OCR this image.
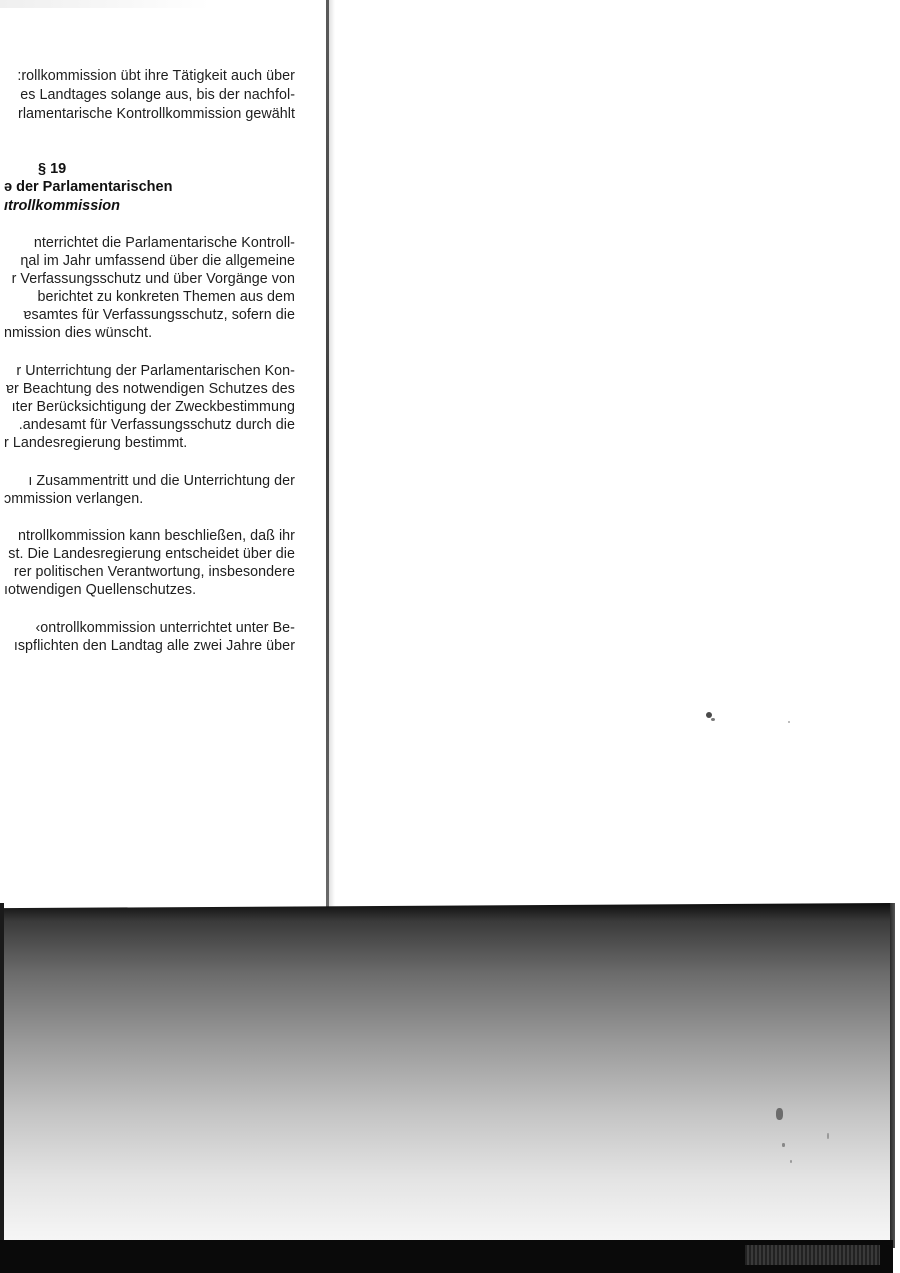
:rollkommission übt ihre Tätigkeit auch über
es Landtages solange aus, bis der nachfol-
rlamentarische Kontrollkommission gewählt
§ 19
ə der Parlamentarischen
ıtrollkommission
nterrichtet die Parlamentarische Kontroll-
ɳal im Jahr umfassend über die allgemeine
r Verfassungsschutz und über Vorgänge von
berichtet zu konkreten Themen aus dem
ɐsamtes für Verfassungsschutz, sofern die
nmission dies wünscht.
r Unterrichtung der Parlamentarischen Kon-
ɐr Beachtung des notwendigen Schutzes des
ıter Berücksichtigung der Zweckbestimmung
.andesamt für Verfassungsschutz durch die
r Landesregierung bestimmt.
ı Zusammentritt und die Unterrichtung der
ɔmmission verlangen.
ntrollkommission kann beschließen, daß ihr
st. Die Landesregierung entscheidet über die
rer politischen Verantwortung, insbesondere
ıotwendigen Quellenschutzes.
‹ontrollkommission unterrichtet unter Be-
ıspflichten den Landtag alle zwei Jahre über
